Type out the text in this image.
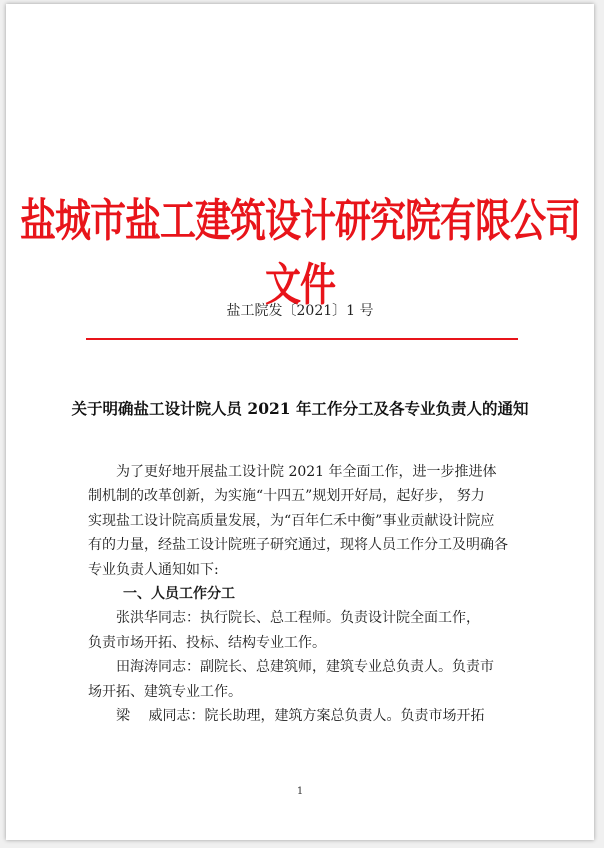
盐城市盐工建筑设计研究院有限公司文件
盐工院发〔2021〕1 号
关于明确盐工设计院人员 2021 年工作分工及各专业负责人的通知

为了更好地开展盐工设计院 2021 年全面工作，进一步推进体

制机制的改革创新，为实施“十四五”规划开好局，起好步， 努力

实现盐工设计院高质量发展，为“百年仁禾中衡”事业贡献设计院应

有的力量，经盐工设计院班子研究通过，现将人员工作分工及明确各

专业负责人通知如下:

一、人员工作分工

张洪华同志：执行院长、总工程师。负责设计院全面工作，

负责市场开拓、投标、结构专业工作。

田海涛同志：副院长、总建筑师，建筑专业总负责人。负责市

场开拓、建筑专业工作。

梁　 威同志：院长助理，建筑方案总负责人。负责市场开拓

1
